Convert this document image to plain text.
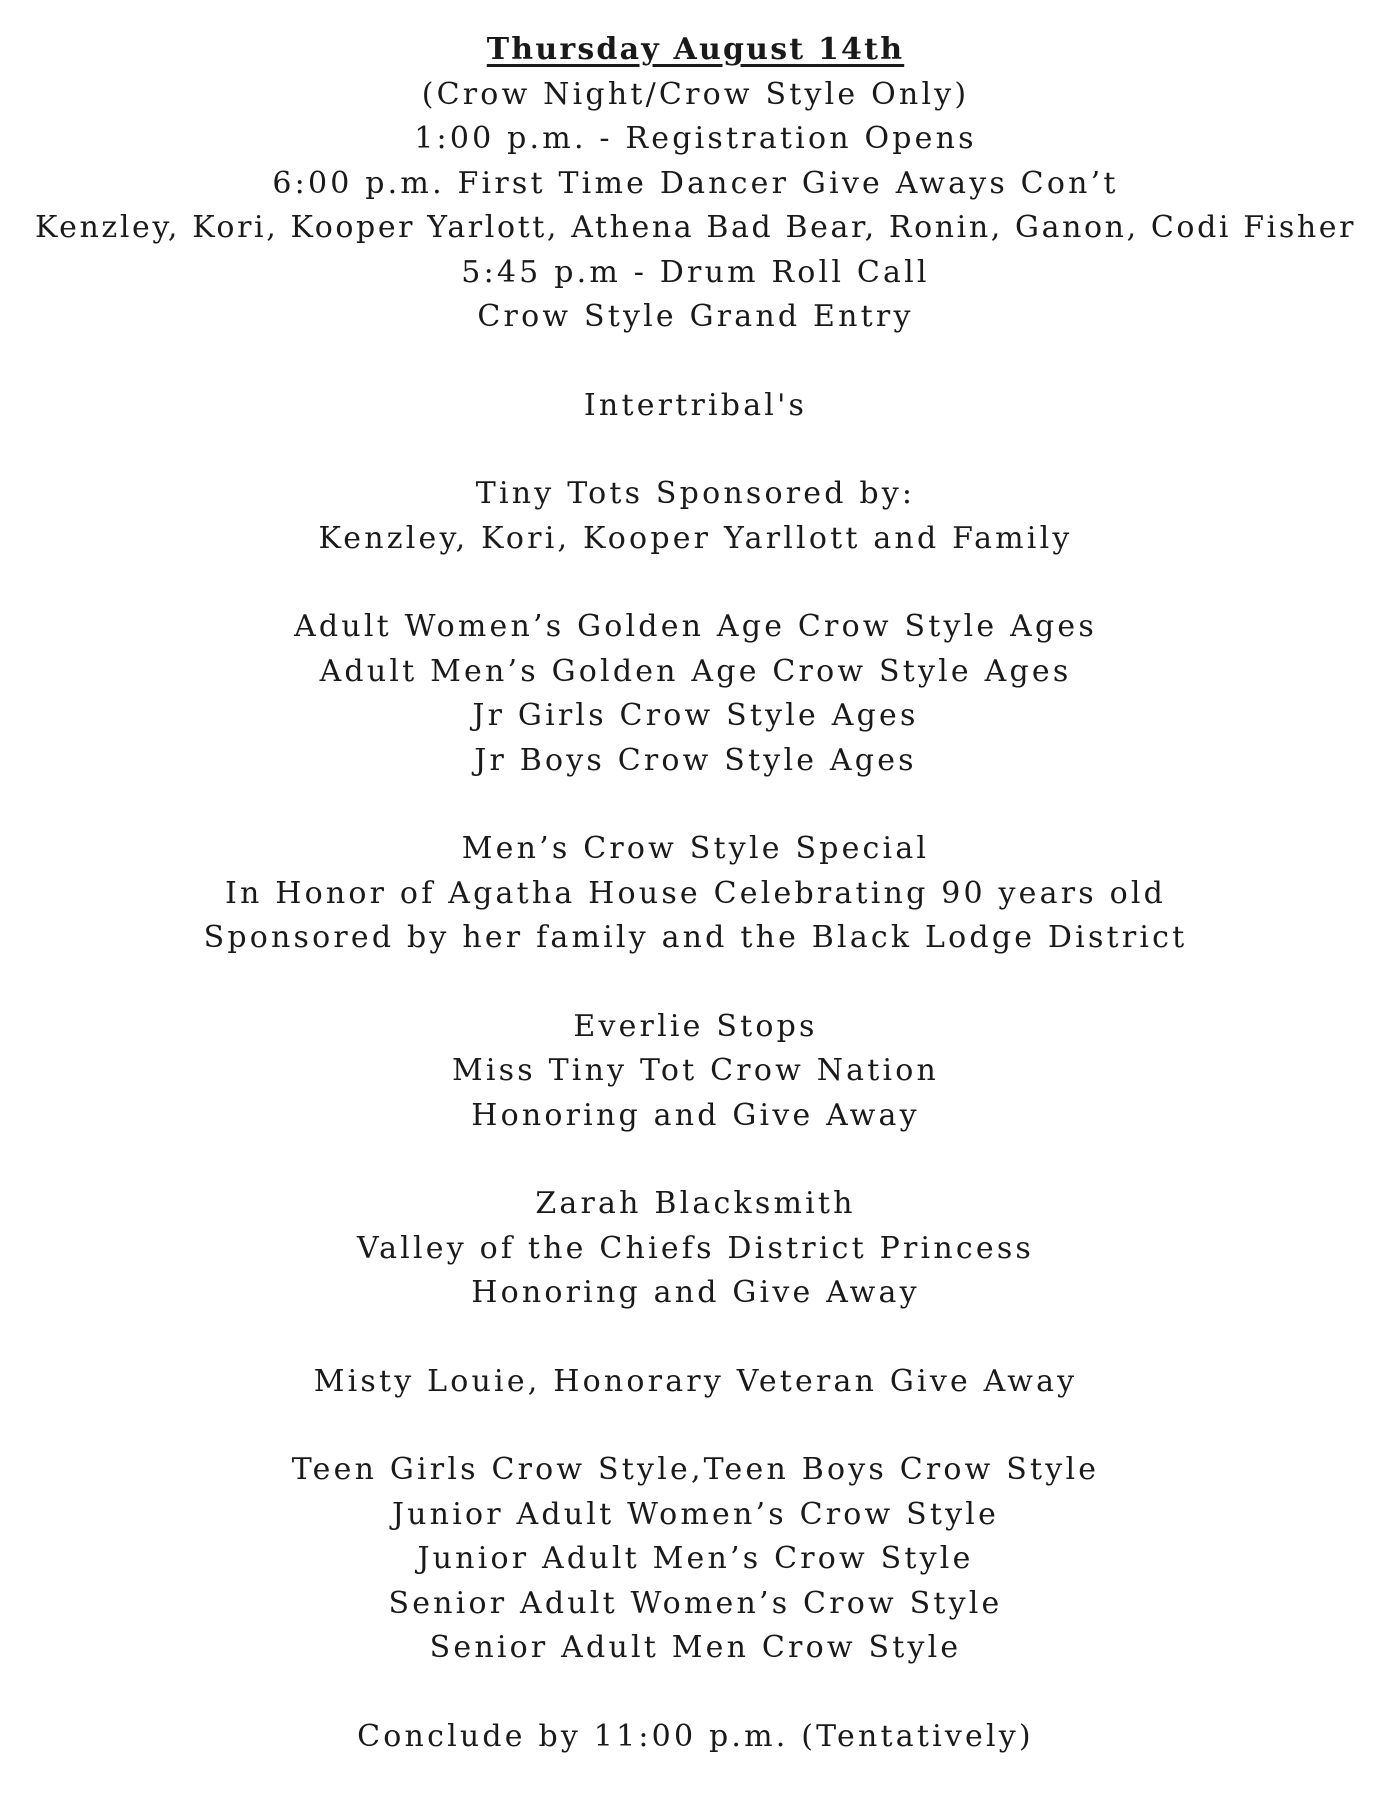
Thursday August 14th
(Crow Night/Crow Style Only)
1:00 p.m. - Registration Opens
6:00 p.m. First Time Dancer Give Aways Con’t
Kenzley, Kori, Kooper Yarlott, Athena Bad Bear, Ronin, Ganon, Codi Fisher
5:45 p.m - Drum Roll Call
Crow Style Grand Entry
Intertribal's
Tiny Tots Sponsored by:
Kenzley, Kori, Kooper Yarllott and Family
Adult Women’s Golden Age Crow Style Ages
Adult Men’s Golden Age Crow Style Ages
Jr Girls Crow Style Ages
Jr Boys Crow Style Ages
Men’s Crow Style Special
In Honor of Agatha House Celebrating 90 years old
Sponsored by her family and the Black Lodge District
Everlie Stops
Miss Tiny Tot Crow Nation
Honoring and Give Away
Zarah Blacksmith
Valley of the Chiefs District Princess
Honoring and Give Away
Misty Louie, Honorary Veteran Give Away
Teen Girls Crow Style,Teen Boys Crow Style
Junior Adult Women’s Crow Style
Junior Adult Men’s Crow Style
Senior Adult Women’s Crow Style
Senior Adult Men Crow Style
Conclude by 11:00 p.m. (Tentatively)
